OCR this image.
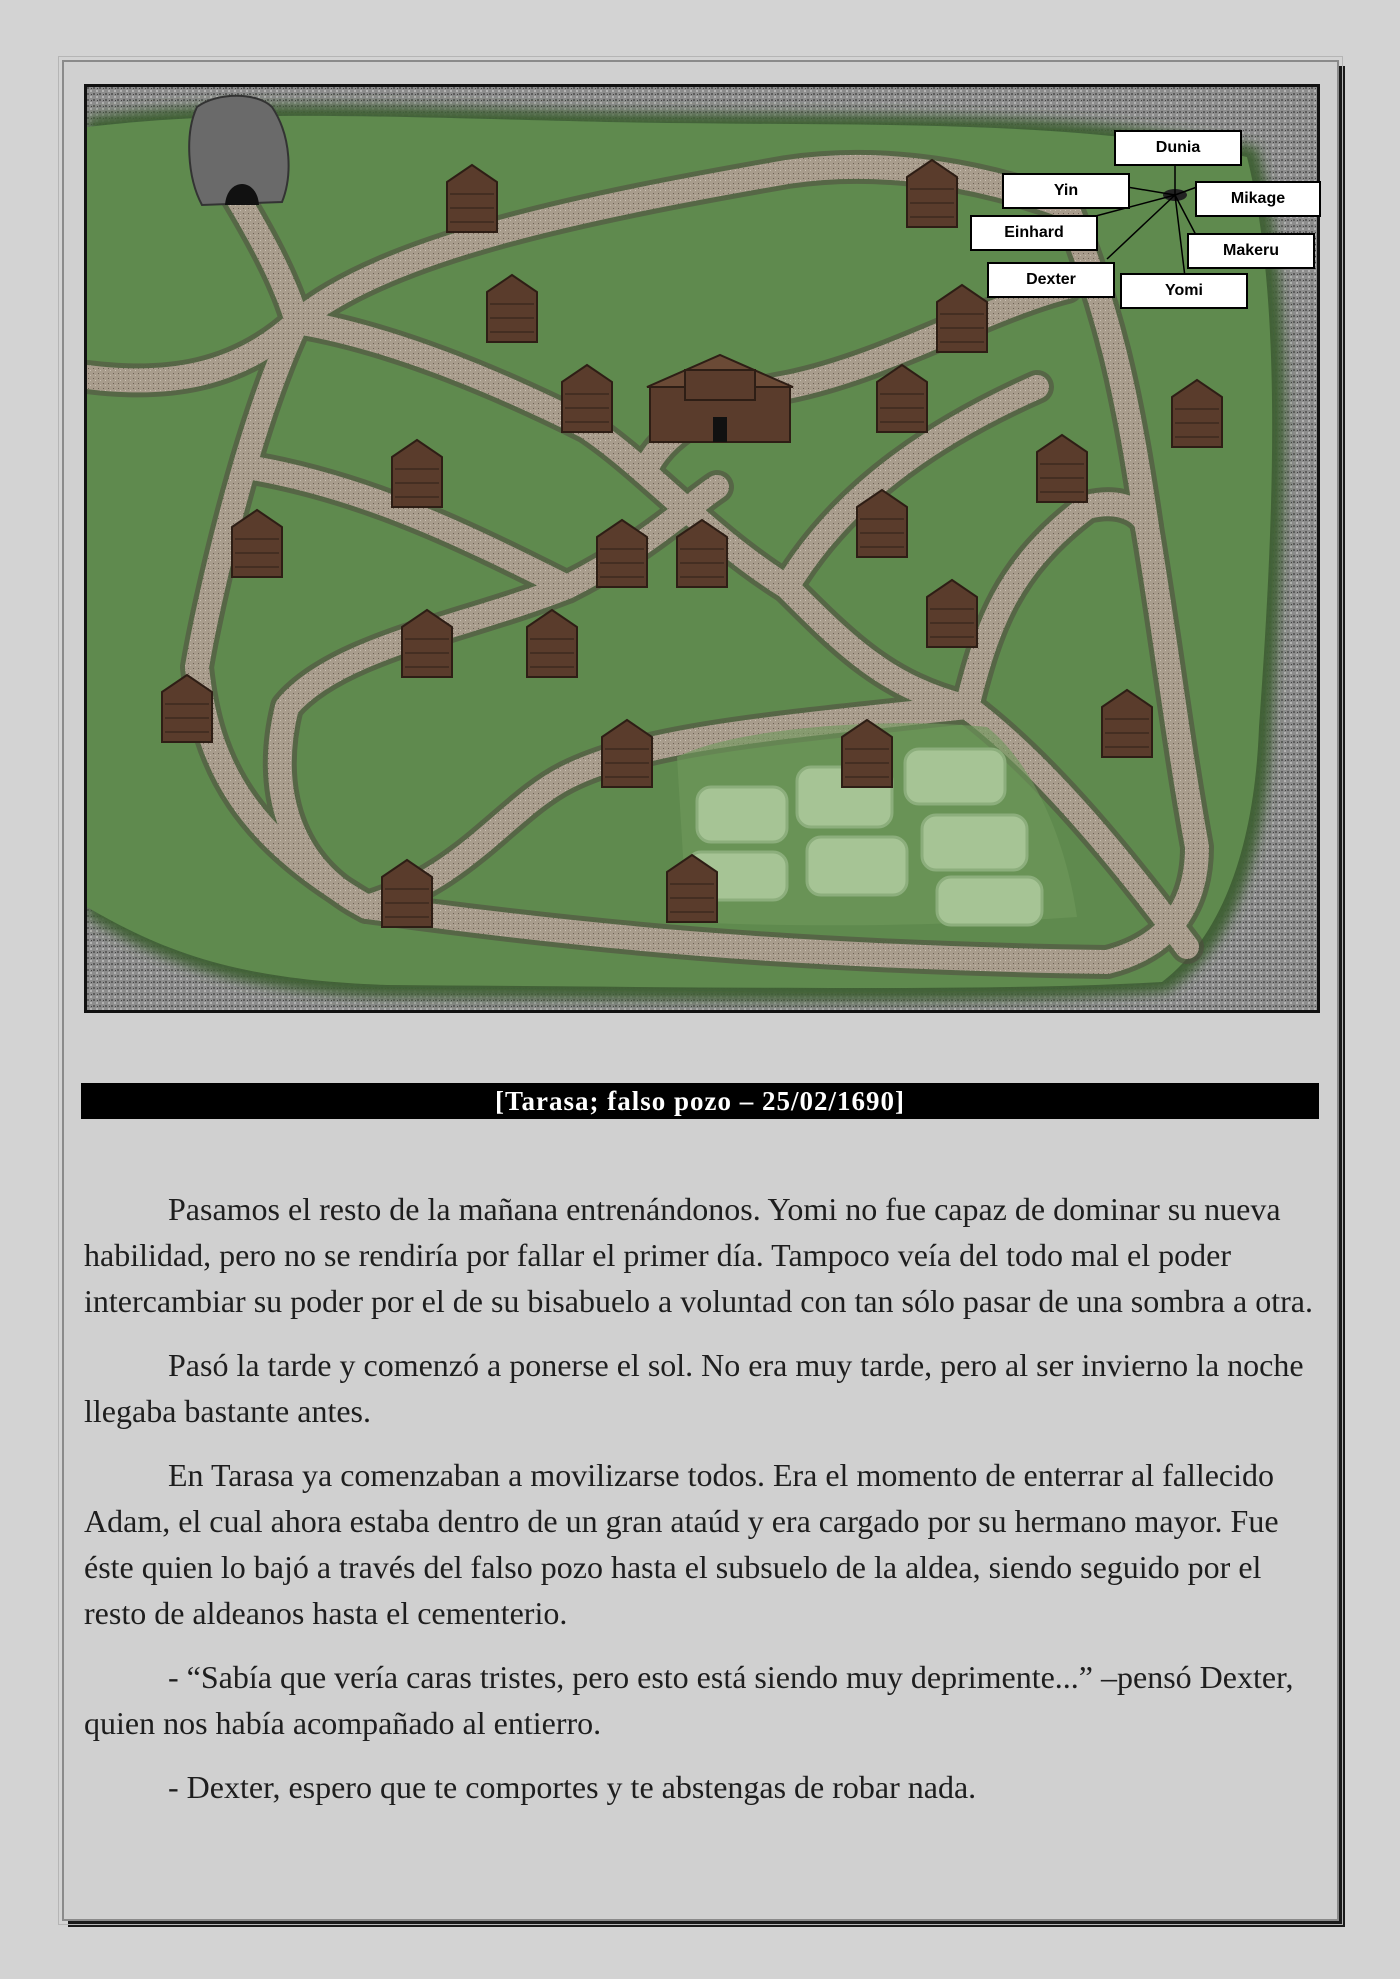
Dunia
Yin	Mikage
Einhard
Makeru
Dexter
Yomi
[Tarasa; falso pozo – 25/02/1690]

Pasamos el resto de la mañana entrenándonos. Yomi no fue capaz de dominar su nueva habilidad, pero no se rendiría por fallar el primer día. Tampoco veía del todo mal el poder intercambiar su poder por el de su bisabuelo a voluntad con tan sólo pasar de una sombra a otra.

Pasó la tarde y comenzó a ponerse el sol. No era muy tarde, pero al ser invierno la noche llegaba bastante antes.

En Tarasa ya comenzaban a movilizarse todos. Era el momento de enterrar al fallecido Adam, el cual ahora estaba dentro de un gran ataúd y era cargado por su hermano mayor. Fue éste quien lo bajó a través del falso pozo hasta el subsuelo de la aldea, siendo seguido por el resto de aldeanos hasta el cementerio.

- “Sabía que vería caras tristes, pero esto está siendo muy deprimente...” –pensó Dexter, quien nos había acompañado al entierro.

- Dexter, espero que te comportes y te abstengas de robar nada.
